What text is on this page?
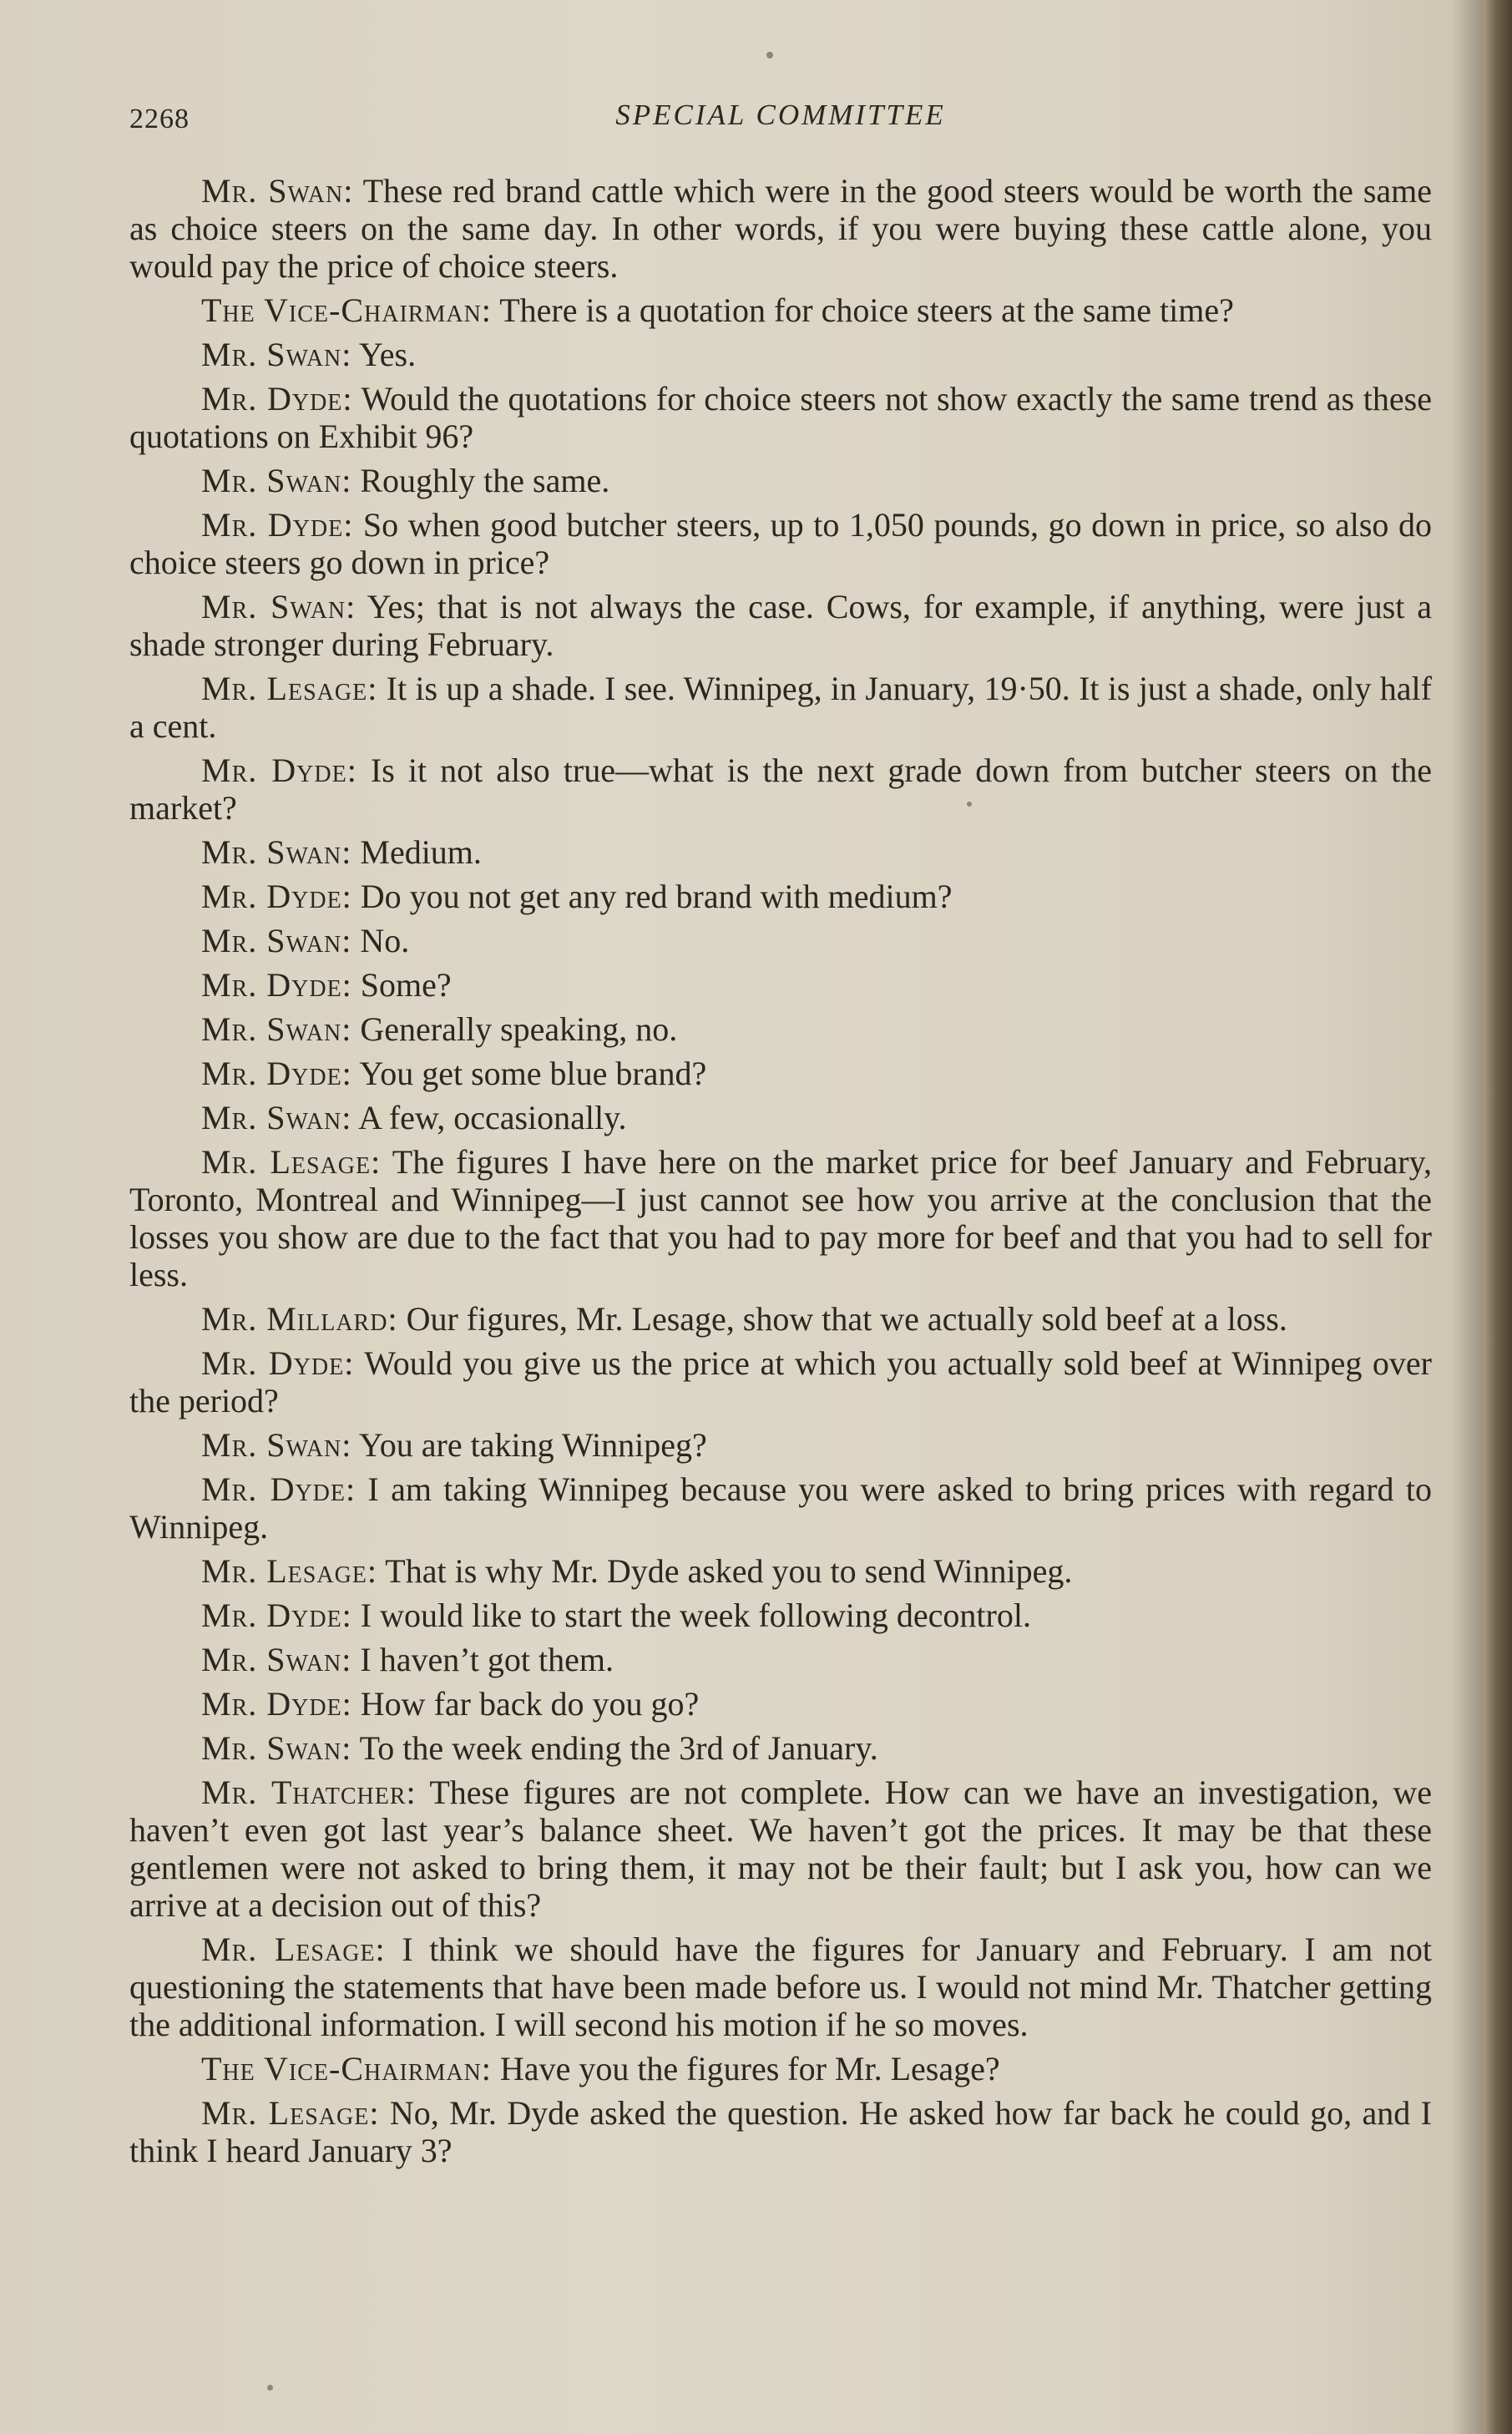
2268	SPECIAL COMMITTEE

Mr. Swan: These red brand cattle which were in the good steers would be worth the same as choice steers on the same day. In other words, if you were buying these cattle alone, you would pay the price of choice steers.

The Vice-Chairman: There is a quotation for choice steers at the same time?

Mr. Swan: Yes.

Mr. Dyde: Would the quotations for choice steers not show exactly the same trend as these quotations on Exhibit 96?

Mr. Swan: Roughly the same.

Mr. Dyde: So when good butcher steers, up to 1,050 pounds, go down in price, so also do choice steers go down in price?

Mr. Swan: Yes; that is not always the case. Cows, for example, if anything, were just a shade stronger during February.

Mr. Lesage: It is up a shade. I see. Winnipeg, in January, 19·50. It is just a shade, only half a cent.

Mr. Dyde: Is it not also true—what is the next grade down from butcher steers on the market?

Mr. Swan: Medium.

Mr. Dyde: Do you not get any red brand with medium?

Mr. Swan: No.

Mr. Dyde: Some?

Mr. Swan: Generally speaking, no.

Mr. Dyde: You get some blue brand?

Mr. Swan: A few, occasionally.

Mr. Lesage: The figures I have here on the market price for beef January and February, Toronto, Montreal and Winnipeg—I just cannot see how you arrive at the conclusion that the losses you show are due to the fact that you had to pay more for beef and that you had to sell for less.

Mr. Millard: Our figures, Mr. Lesage, show that we actually sold beef at a loss.

Mr. Dyde: Would you give us the price at which you actually sold beef at Winnipeg over the period?

Mr. Swan: You are taking Winnipeg?

Mr. Dyde: I am taking Winnipeg because you were asked to bring prices with regard to Winnipeg.

Mr. Lesage: That is why Mr. Dyde asked you to send Winnipeg.

Mr. Dyde: I would like to start the week following decontrol.

Mr. Swan: I haven’t got them.

Mr. Dyde: How far back do you go?

Mr. Swan: To the week ending the 3rd of January.

Mr. Thatcher: These figures are not complete. How can we have an investigation, we haven’t even got last year’s balance sheet. We haven’t got the prices. It may be that these gentlemen were not asked to bring them, it may not be their fault; but I ask you, how can we arrive at a decision out of this?

Mr. Lesage: I think we should have the figures for January and February. I am not questioning the statements that have been made before us. I would not mind Mr. Thatcher getting the additional information. I will second his motion if he so moves.

The Vice-Chairman: Have you the figures for Mr. Lesage?

Mr. Lesage: No, Mr. Dyde asked the question. He asked how far back he could go, and I think I heard January 3?
